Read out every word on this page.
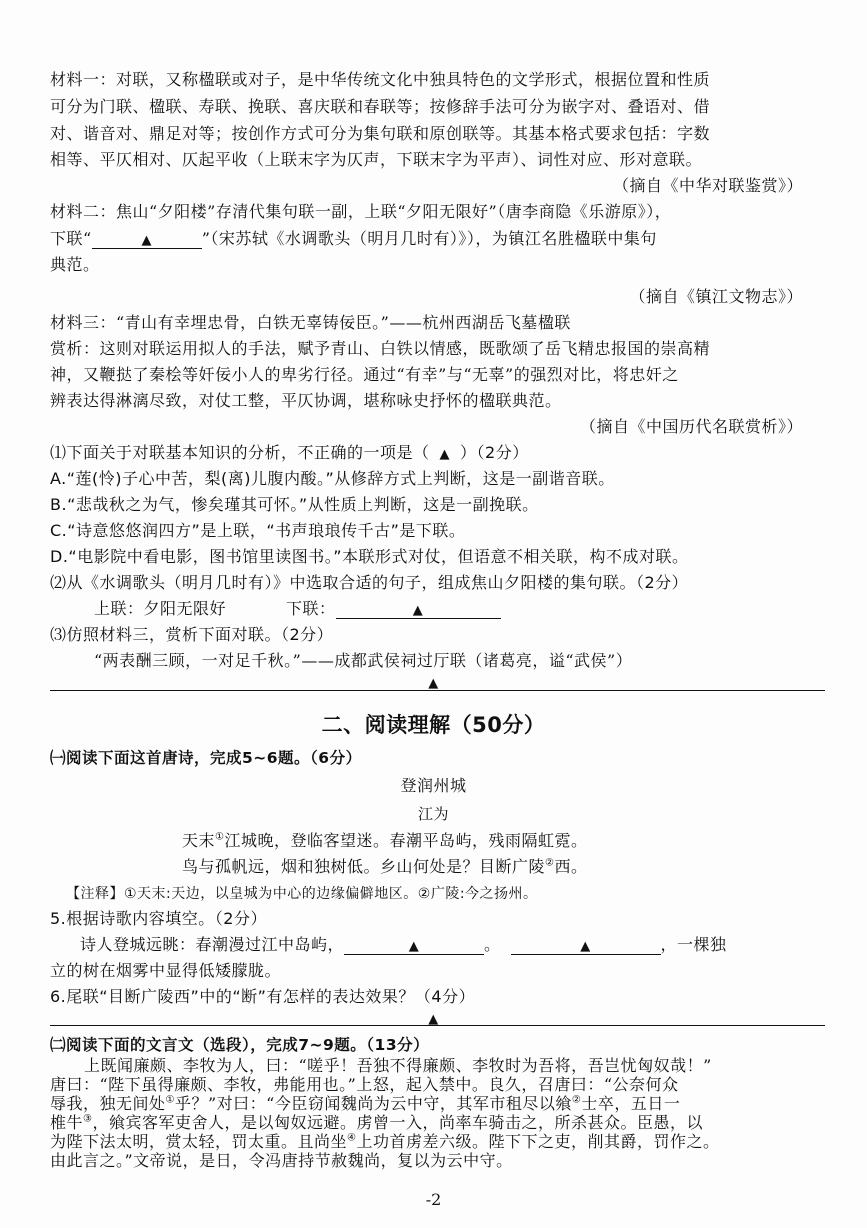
材料一：对联，又称楹联或对子，是中华传统文化中独具特色的文学形式，根据位置和性质
可分为门联、楹联、寿联、挽联、喜庆联和春联等；按修辞手法可分为嵌字对、叠语对、借
对、谐音对、鼎足对等；按创作方式可分为集句联和原创联等。其基本格式要求包括：字数
相等、平仄相对、仄起平收（上联末字为仄声，下联末字为平声）、词性对应、形对意联。
（摘自《中华对联鉴赏》）
材料二：焦山“夕阳楼”存清代集句联一副，上联“夕阳无限好”（唐李商隐《乐游原》），
下联“	▲	”（宋苏轼《水调歌头（明月几时有）》），为镇江名胜楹联中集句
典范。
（摘自《镇江文物志》）
材料三：“青山有幸埋忠骨，白铁无辜铸佞臣。”——杭州西湖岳飞墓楹联
赏析：这则对联运用拟人的手法，赋予青山、白铁以情感，既歌颂了岳飞精忠报国的崇高精
神，又鞭挞了秦桧等奸佞小人的卑劣行径。通过“有幸”与“无辜”的强烈对比，将忠奸之
辨表达得淋漓尽致，对仗工整，平仄协调，堪称咏史抒怀的楹联典范。
（摘自《中国历代名联赏析》）
⑴下面关于对联基本知识的分析，不正确的一项是（ ▲ ）（2分）
A.“莲(怜)子心中苦，梨(离)儿腹内酸。”从修辞方式上判断，这是一副谐音联。
B.“悲哉秋之为气，惨矣瑾其可怀。”从性质上判断，这是一副挽联。
C.“诗意悠悠润四方”是上联，“书声琅琅传千古”是下联。
D.“电影院中看电影，图书馆里读图书。”本联形式对仗，但语意不相关联，构不成对联。
⑵从《水调歌头（明月几时有）》中选取合适的句子，组成焦山夕阳楼的集句联。（2分）
上联：夕阳无限好	下联：	▲
⑶仿照材料三，赏析下面对联。（2分）
“两表酬三顾，一对足千秋。”——成都武侯祠过厅联（诸葛亮，谥“武侯”）
▲
二、阅读理解（50分）
㈠阅读下面这首唐诗，完成5~6题。（6分）
登润州城
江为
天末①江城晚，登临客望迷。春潮平岛屿，残雨隔虹霓。
鸟与孤帆远，烟和独树低。乡山何处是？目断广陵②西。
【注释】①天末:天边，以皇城为中心的边缘偏僻地区。②广陵:今之扬州。
5.根据诗歌内容填空。（2分）
诗人登城远眺：春潮漫过江中岛屿，	▲	。	▲	，一棵独
立的树在烟雾中显得低矮朦胧。
6.尾联“目断广陵西”中的“断”有怎样的表达效果？（4分）
▲
㈡阅读下面的文言文（选段），完成7~9题。（13分）
上既闻廉颇、李牧为人，曰：“嗟乎！吾独不得廉颇、李牧时为吾将，吾岂忧匈奴哉！”
唐曰：“陛下虽得廉颇、李牧，弗能用也。”上怒，起入禁中。良久，召唐曰：“公奈何众
辱我，独无间处①乎？”对曰：“今臣窃闻魏尚为云中守，其军市租尽以飨②士卒，五日一
椎牛③，飨宾客军吏舍人，是以匈奴远避。虏曾一入，尚率车骑击之，所杀甚众。臣愚，以
为陛下法太明，赏太轻，罚太重。且尚坐④上功首虏差六级。陛下下之吏，削其爵，罚作之。
由此言之。”文帝说，是日，令冯唐持节赦魏尚，复以为云中守。
-2
